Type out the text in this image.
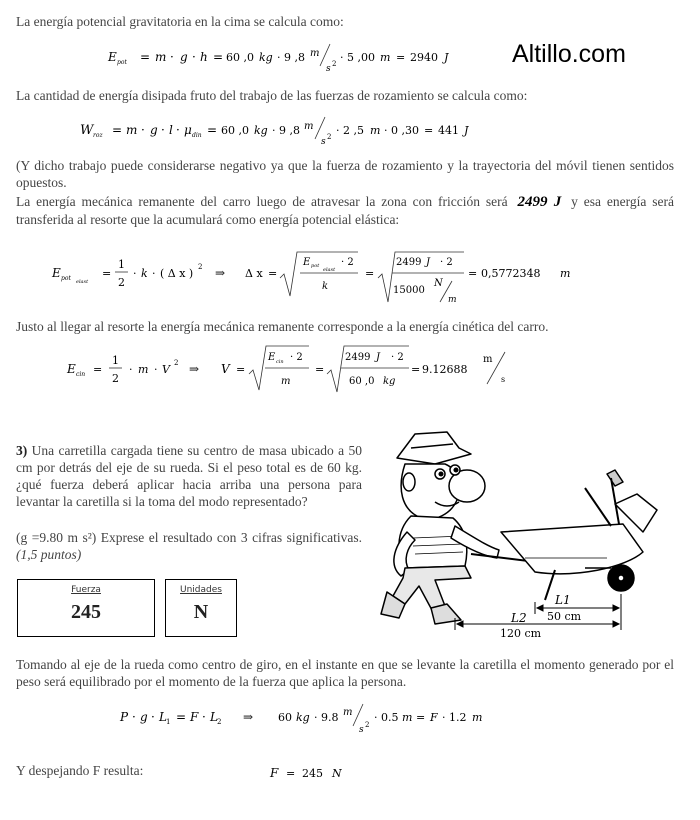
Altillo.com
La energía potencial gravitatoria en la cima se calcula como:
E pot = m · g · h = 60 ,0 kg · 9 ,8 m
s 2 · 5 ,00 m = 2940 J
La cantidad de energía disipada fruto del trabajo de las fuerzas de rozamiento se calcula como:
W roz = m · g · l · μ din = 60 ,0 kg · 9 ,8 m
s 2 · 2 ,5 m · 0 ,30 = 441 J
(Y dicho trabajo puede considerarse negativo ya que la fuerza de rozamiento y la trayectoria del móvil tienen sentidos opuestos.
La energía mecánica remanente del carro luego de atravesar la zona con fricción será 2499 J y esa energía será transferida al resorte que la acumulará como energía potencial elástica:
E pot elast
=
1
2
· k · ( Δ x ) 2 ⇒ Δ x =
E pot
elast
· 2
k
=
2499 J · 2
15000
N
m
= 0,5772348 m
Justo al llegar al resorte la energía mecánica remanente corresponde a la energía cinética del carro.
E cin =
1
2
· m · V 2 ⇒ V =
E cin · 2
m
=
2499 J · 2
60 ,0 kg
= 9.12688
m
s
3) Una carretilla cargada tiene su centro de masa ubicado a 50 cm por detrás del eje de su rueda. Si el peso total es de 60 kg. ¿qué fuerza deberá aplicar hacia arriba una persona para levantar la caretilla si la toma del modo representado?
(g =9.80 m s²) Exprese el resultado con 3 cifras significativas. (1,5 puntos)
Fuerza
245
Unidades
N
L1
50 cm
L2
120 cm
Tomando al eje de la rueda como centro de giro, en el instante en que se levante la caretilla el momento generado por el peso será equilibrado por el momento de la fuerza que aplica la persona.
P · g · L 1 = F · L 2 ⇒ 60 kg · 9.8 m
s 2
· 0.5 m = F · 1.2 m
Y despejando F resulta:	F = 245 N
